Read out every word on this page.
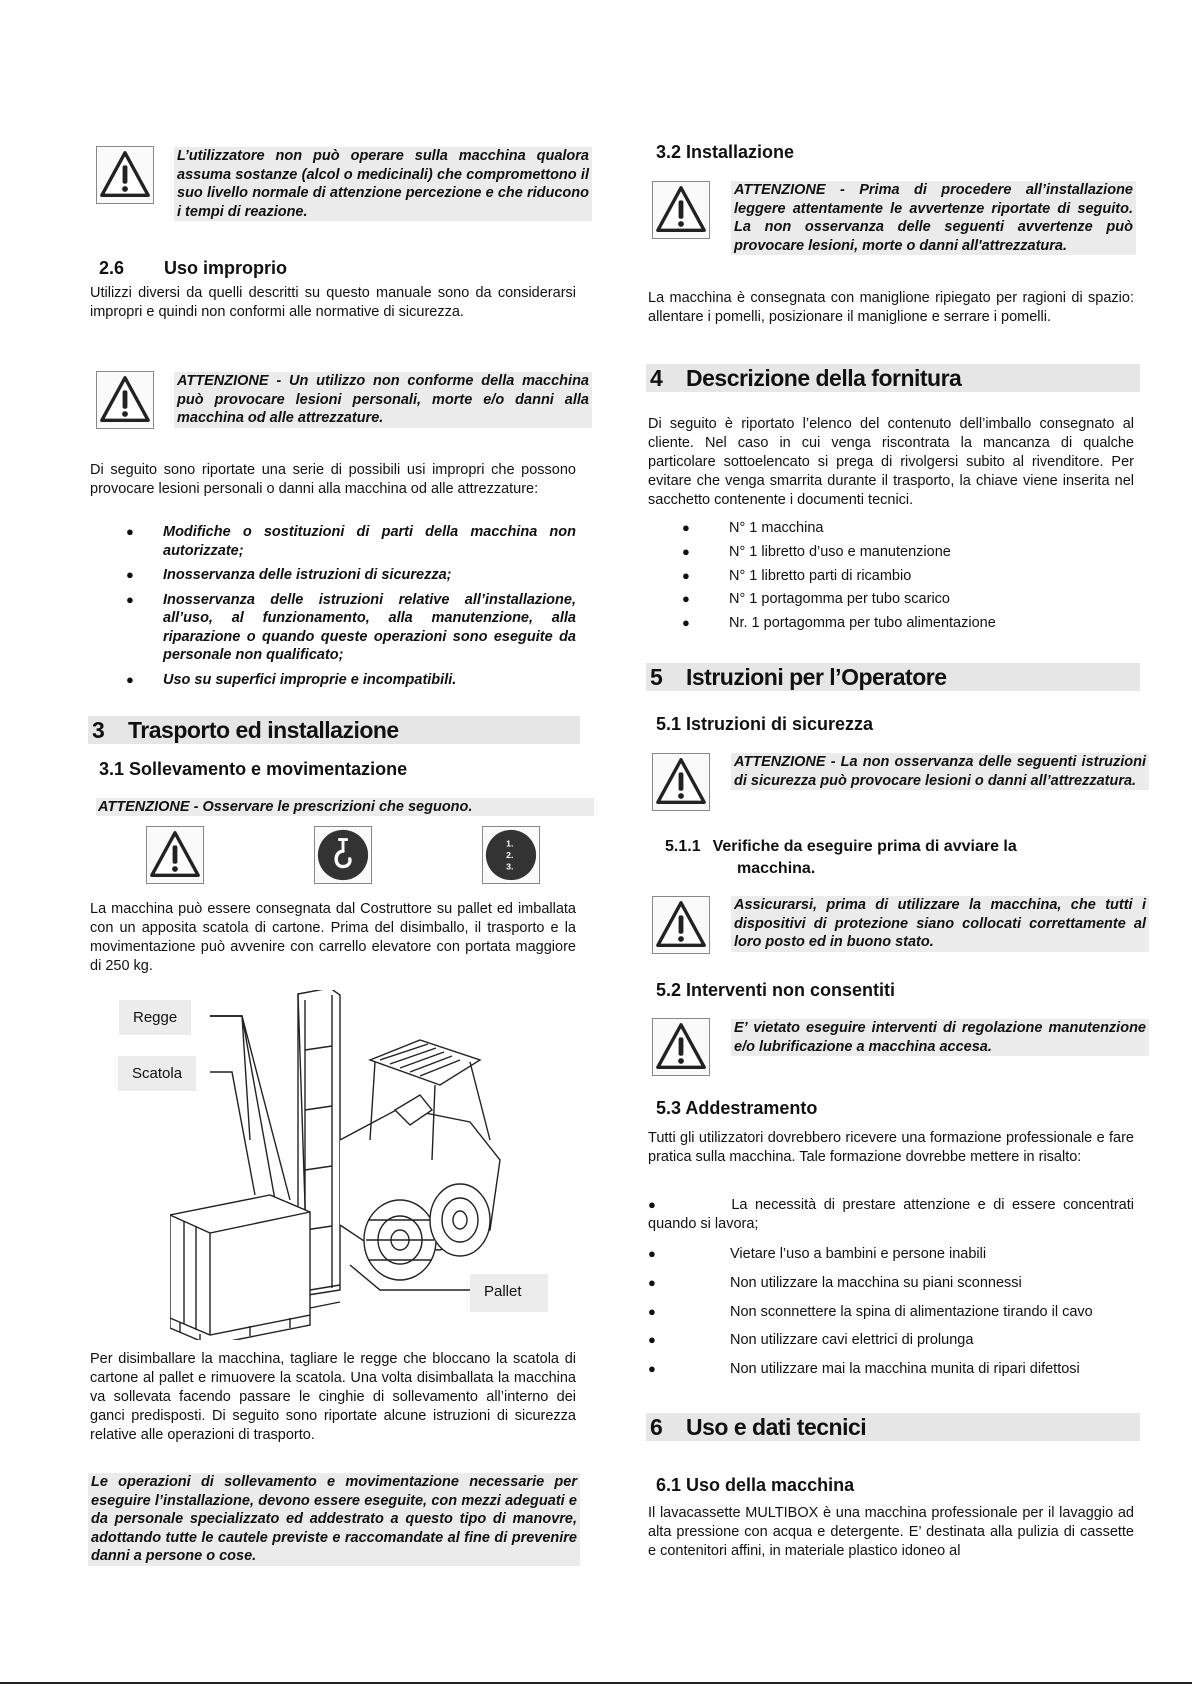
L’utilizzatore non può operare sulla macchina qualora assuma sostanze (alcol o medicinali) che compromettono il suo livello normale di attenzione percezione e che riducono i tempi di reazione.
2.6 Uso improprio

Utilizzi diversi da quelli descritti su questo manuale sono da considerarsi impropri e quindi non conformi alle normative di sicurezza.

ATTENZIONE - Un utilizzo non conforme della macchina può provocare lesioni personali, morte e/o danni alla macchina od alle attrezzature.

Di seguito sono riportate una serie di possibili usi impropri che possono provocare lesioni personali o danni alla macchina od alle attrezzature:

● Modifiche o sostituzioni di parti della macchina non autorizzate;
● Inosservanza delle istruzioni di sicurezza;
● Inosservanza delle istruzioni relative all’installazione, all’uso, al funzionamento, alla manutenzione, alla riparazione o quando queste operazioni sono eseguite da personale non qualificato;
● Uso su superfici improprie e incompatibili.
3 Trasporto ed installazione
3.1 Sollevamento e movimentazione
ATTENZIONE - Osservare le prescrizioni che seguono.
1.
2.
3.

La macchina può essere consegnata dal Costruttore su pallet ed imballata con un apposita scatola di cartone. Prima del disimballo, il trasporto e la movimentazione può avvenire con carrello elevatore con portata maggiore di 250 kg.

Regge
Scatola
Pallet

Per disimballare la macchina, tagliare le regge che bloccano la scatola di cartone al pallet e rimuovere la scatola. Una volta disimballata la macchina va sollevata facendo passare le cinghie di sollevamento all’interno dei ganci predisposti. Di seguito sono riportate alcune istruzioni di sicurezza relative alle operazioni di trasporto.

Le operazioni di sollevamento e movimentazione necessarie per eseguire l’installazione, devono essere eseguite, con mezzi adeguati e da personale specializzato ed addestrato a questo tipo di manovre, adottando tutte le cautele previste e raccomandate al fine di prevenire danni a persone o cose.
3.2 Installazione
ATTENZIONE - Prima di procedere all’installazione leggere attentamente le avvertenze riportate di seguito. La non osservanza delle seguenti avvertenze può provocare lesioni, morte o danni all'attrezzatura.

La macchina è consegnata con maniglione ripiegato per ragioni di spazio: allentare i pomelli, posizionare il maniglione e serrare i pomelli.

4 Descrizione della fornitura

Di seguito è riportato l’elenco del contenuto dell’imballo consegnato al cliente. Nel caso in cui venga riscontrata la mancanza di qualche particolare sottoelencato si prega di rivolgersi subito al rivenditore. Per evitare che venga smarrita durante il trasporto, la chiave viene inserita nel sacchetto contenente i documenti tecnici.

●	N° 1 macchina
●	N° 1 libretto d’uso e manutenzione
●	N° 1 libretto parti di ricambio
●	N° 1 portagomma per tubo scarico
●	Nr. 1 portagomma per tubo alimentazione
5 Istruzioni per l’Operatore
5.1 Istruzioni di sicurezza
ATTENZIONE - La non osservanza delle seguenti istruzioni di sicurezza può provocare lesioni o danni all’attrezzatura.
5.1.1 Verifiche da eseguire prima di avviare la
macchina.
Assicurarsi, prima di utilizzare la macchina, che tutti i dispositivi di protezione siano collocati correttamente al loro posto ed in buono stato.
5.2 Interventi non consentiti
E’ vietato eseguire interventi di regolazione manutenzione e/o lubrificazione a macchina accesa.
5.3 Addestramento

Tutti gli utilizzatori dovrebbero ricevere una formazione professionale e fare pratica sulla macchina. Tale formazione dovrebbe mettere in risalto:

●	La necessità di prestare attenzione e di essere concentrati quando si lavora;
●	Vietare l’uso a bambini e persone inabili
●	Non utilizzare la macchina su piani sconnessi
●	Non sconnettere la spina di alimentazione tirando il cavo
●	Non utilizzare cavi elettrici di prolunga
●	Non utilizzare mai la macchina munita di ripari difettosi
6 Uso e dati tecnici
6.1 Uso della macchina

Il lavacassette MULTIBOX è una macchina professionale per il lavaggio ad alta pressione con acqua e detergente. E’ destinata alla pulizia di cassette e contenitori affini, in materiale plastico idoneo al
